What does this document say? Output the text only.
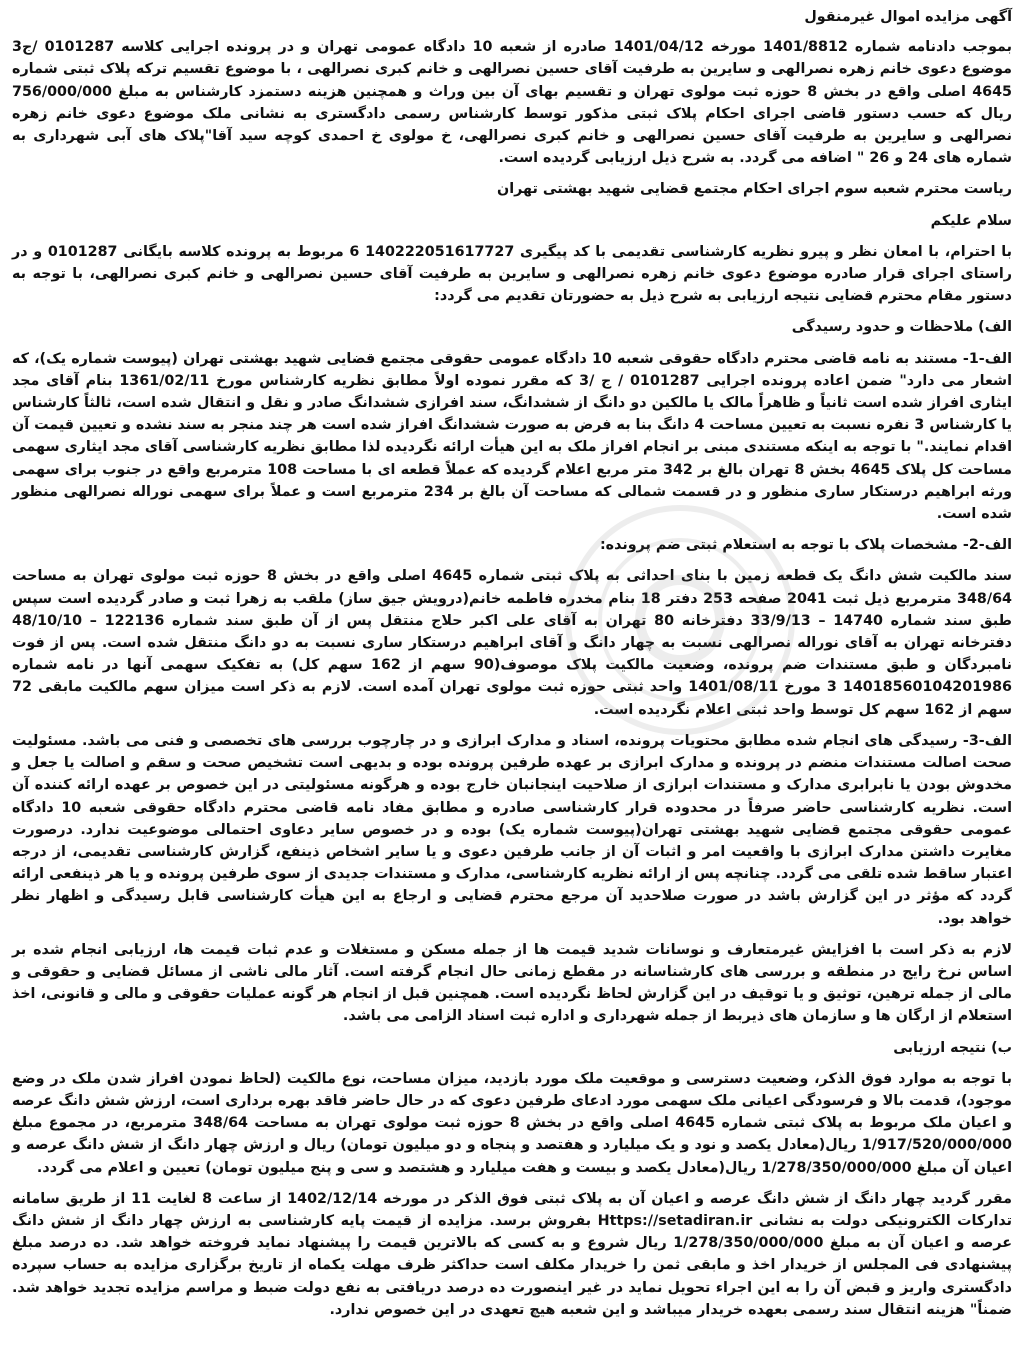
آگهی مزایده اموال غیرمنقول
بموجب دادنامه شماره 1401/8812 مورخه 1401/04/12 صادره از شعبه 10 دادگاه عمومی تهران و در پرونده اجرایی کلاسه 0101287 /ج3 موضوع دعوی خانم زهره نصرالهی و سایرین به طرفیت آقای حسین نصرالهی و خانم کبری نصرالهی ، با موضوع تقسیم ترکه پلاک ثبتی شماره 4645 اصلی واقع در بخش 8 حوزه ثبت مولوی تهران و تقسیم بهای آن بین وراث و همچنین هزینه دستمزد کارشناس به مبلغ 756/000/000 ریال که حسب دستور قاضی اجرای احکام پلاک ثبتی مذکور توسط کارشناس رسمی دادگستری به نشانی ملک موضوع دعوی خانم زهره نصرالهی و سایرین به طرفیت آقای حسین نصرالهی و خانم کبری نصرالهی، خ مولوی خ احمدی کوچه سید آقا"پلاک های آبی شهرداری به شماره های 24 و 26 " اضافه می گردد. به شرح ذیل ارزیابی گردیده است.
ریاست محترم شعبه سوم اجرای احکام مجتمع قضایی شهید بهشتی تهران
سلام علیکم
با احترام، با امعان نظر و پیرو نظریه کارشناسی تقدیمی با کد پیگیری 140222051617727 6 مربوط به پرونده کلاسه بایگانی 0101287 و در راستای اجرای قرار صادره موضوع دعوی خانم زهره نصرالهی و سایرین به طرفیت آقای حسین نصرالهی و خانم کبری نصرالهی، با توجه به دستور مقام محترم قضایی نتیجه ارزیابی به شرح ذیل به حضورتان تقدیم می گردد:
الف) ملاحظات و حدود رسیدگی
الف-1- مستند به نامه قاضی محترم دادگاه حقوقی شعبه 10 دادگاه عمومی حقوقی مجتمع قضایی شهید بهشتی تهران (پیوست شماره یک)، که اشعار می دارد" ضمن اعاده پرونده اجرایی 0101287 / ج /3 که مقرر نموده اولاً مطابق نظریه کارشناس مورخ 1361/02/11 بنام آقای مجد ایثاری افراز شده است ثانیاً و ظاهراً مالک یا مالکین دو دانگ از ششدانگ، سند افرازی ششدانگ صادر و نقل و انتقال شده است، ثالثاً کارشناس یا کارشناس 3 نفره نسبت به تعیین مساحت 4 دانگ بنا به فرض به صورت ششدانگ افراز شده است هر چند منجر به سند نشده و تعیین قیمت آن اقدام نمایند." با توجه به اینکه مستندی مبنی بر انجام افراز ملک به این هیأت ارائه نگردیده لذا مطابق نظریه کارشناسی آقای مجد ایثاری سهمی مساحت کل پلاک 4645 بخش 8 تهران بالغ بر 342 متر مربع اعلام گردیده که عملاً قطعه ای با مساحت 108 مترمربع واقع در جنوب برای سهمی ورثه ابراهیم درستکار ساری منظور و در قسمت شمالی که مساحت آن بالغ بر 234 مترمربع است و عملاً برای سهمی نوراله نصرالهی منظور شده است.
الف-2- مشخصات پلاک با توجه به استعلام ثبتی ضم پرونده:
سند مالکیت شش دانگ یک قطعه زمین با بنای احداثی به پلاک ثبتی شماره 4645 اصلی واقع در بخش 8 حوزه ثبت مولوی تهران به مساحت 348/64 مترمربع ذیل ثبت 2041 صفحه 253 دفتر 18 بنام مخدره فاطمه خانم(درویش جیق ساز) ملقب به زهرا ثبت و صادر گردیده است سپس طبق سند شماره 14740 – 33/9/13 دفترخانه 80 تهران به آقای علی اکبر حلاج منتقل پس از آن طبق سند شماره 122136 – 48/10/10 دفترخانه تهران به آقای نوراله نصرالهی نسبت به چهار دانگ و آقای ابراهیم درستکار ساری نسبت به دو دانگ منتقل شده است. پس از فوت نامبردگان و طبق مستندات ضم پرونده، وضعیت مالکیت پلاک موصوف(90 سهم از 162 سهم کل) به تفکیک سهمی آنها در نامه شماره 14018560104201986 3 مورخ 1401/08/11 واحد ثبتی حوزه ثبت مولوی تهران آمده است. لازم به ذکر است میزان سهم مالکیت مابقی 72 سهم از 162 سهم کل توسط واحد ثبتی اعلام نگردیده است.
الف-3- رسیدگی های انجام شده مطابق محتویات پرونده، اسناد و مدارک ابرازی و در چارچوب بررسی های تخصصی و فنی می باشد. مسئولیت صحت اصالت مستندات منضم در پرونده و مدارک ابرازی بر عهده طرفین پرونده بوده و بدیهی است تشخیص صحت و سقم و اصالت یا جعل و مخدوش بودن یا نابرابری مدارک و مستندات ابرازی از صلاحیت اینجانبان خارج بوده و هرگونه مسئولیتی در این خصوص بر عهده ارائه کننده آن است. نظریه کارشناسی حاضر صرفاً در محدوده قرار کارشناسی صادره و مطابق مفاد نامه قاضی محترم دادگاه حقوقی شعبه 10 دادگاه عمومی حقوقی مجتمع قضایی شهید بهشتی تهران(پیوست شماره یک) بوده و در خصوص سایر دعاوی احتمالی موضوعیت ندارد. درصورت مغایرت داشتن مدارک ابرازی با واقعیت امر و اثبات آن از جانب طرفین دعوی و یا سایر اشخاص ذینفع، گزارش کارشناسی تقدیمی، از درجه اعتبار ساقط شده تلقی می گردد. چنانچه پس از ارائه نظریه کارشناسی، مدارک و مستندات جدیدی از سوی طرفین پرونده و یا هر ذینفعی ارائه گردد که مؤثر در این گزارش باشد در صورت صلاحدید آن مرجع محترم قضایی و ارجاع به این هیأت کارشناسی قابل رسیدگی و اظهار نظر خواهد بود.
لازم به ذکر است با افزایش غیرمتعارف و نوسانات شدید قیمت ها از جمله مسکن و مستغلات و عدم ثبات قیمت ها، ارزیابی انجام شده بر اساس نرخ رایج در منطقه و بررسی های کارشناسانه در مقطع زمانی حال انجام گرفته است. آثار مالی ناشی از مسائل قضایی و حقوقی و مالی از جمله ترهین، توثیق و یا توقیف در این گزارش لحاظ نگردیده است. همچنین قبل از انجام هر گونه عملیات حقوقی و مالی و قانونی، اخذ استعلام از ارگان ها و سازمان های ذیربط از جمله شهرداری و اداره ثبت اسناد الزامی می باشد.
ب) نتیجه ارزیابی
با توجه به موارد فوق الذکر، وضعیت دسترسی و موقعیت ملک مورد بازدید، میزان مساحت، نوع مالکیت (لحاظ نمودن افراز شدن ملک در وضع موجود)، قدمت بالا و فرسودگی اعیانی ملک سهمی مورد ادعای طرفین دعوی که در حال حاضر فاقد بهره برداری است، ارزش شش دانگ عرصه و اعیان ملک مربوط به پلاک ثبتی شماره 4645 اصلی واقع در بخش 8 حوزه ثبت مولوی تهران به مساحت 348/64 مترمربع، در مجموع مبلغ 1/917/520/000/000 ریال(معادل یکصد و نود و یک میلیارد و هفتصد و پنجاه و دو میلیون تومان) ریال و ارزش چهار دانگ از شش دانگ عرصه و اعیان آن مبلغ 1/278/350/000/000 ریال(معادل یکصد و بیست و هفت میلیارد و هشتصد و سی و پنج میلیون تومان) تعیین و اعلام می گردد.
مقرر گردید چهار دانگ از شش دانگ عرصه و اعیان آن به پلاک ثبتی فوق الذکر در مورخه 1402/12/14 از ساعت 8 لغایت 11 از طریق سامانه تدارکات الکترونیکی دولت به نشانی Https://setadiran.ir بفروش برسد. مزایده از قیمت پایه کارشناسی به ارزش چهار دانگ از شش دانگ عرصه و اعیان آن به مبلغ 1/278/350/000/000 ریال شروع و به کسی که بالاترین قیمت را پیشنهاد نماید فروخته خواهد شد. ده درصد مبلغ پیشنهادی فی المجلس از خریدار اخذ و مابقی ثمن را خریدار مکلف است حداکثر ظرف مهلت یکماه از تاریخ برگزاری مزایده به حساب سپرده دادگستری واریز و قبض آن را به این اجراء تحویل نماید در غیر اینصورت ده درصد دریافتی به نفع دولت ضبط و مراسم مزایده تجدید خواهد شد. ضمناً" هزینه انتقال سند رسمی بعهده خریدار میباشد و این شعبه هیچ تعهدی در این خصوص ندارد.
